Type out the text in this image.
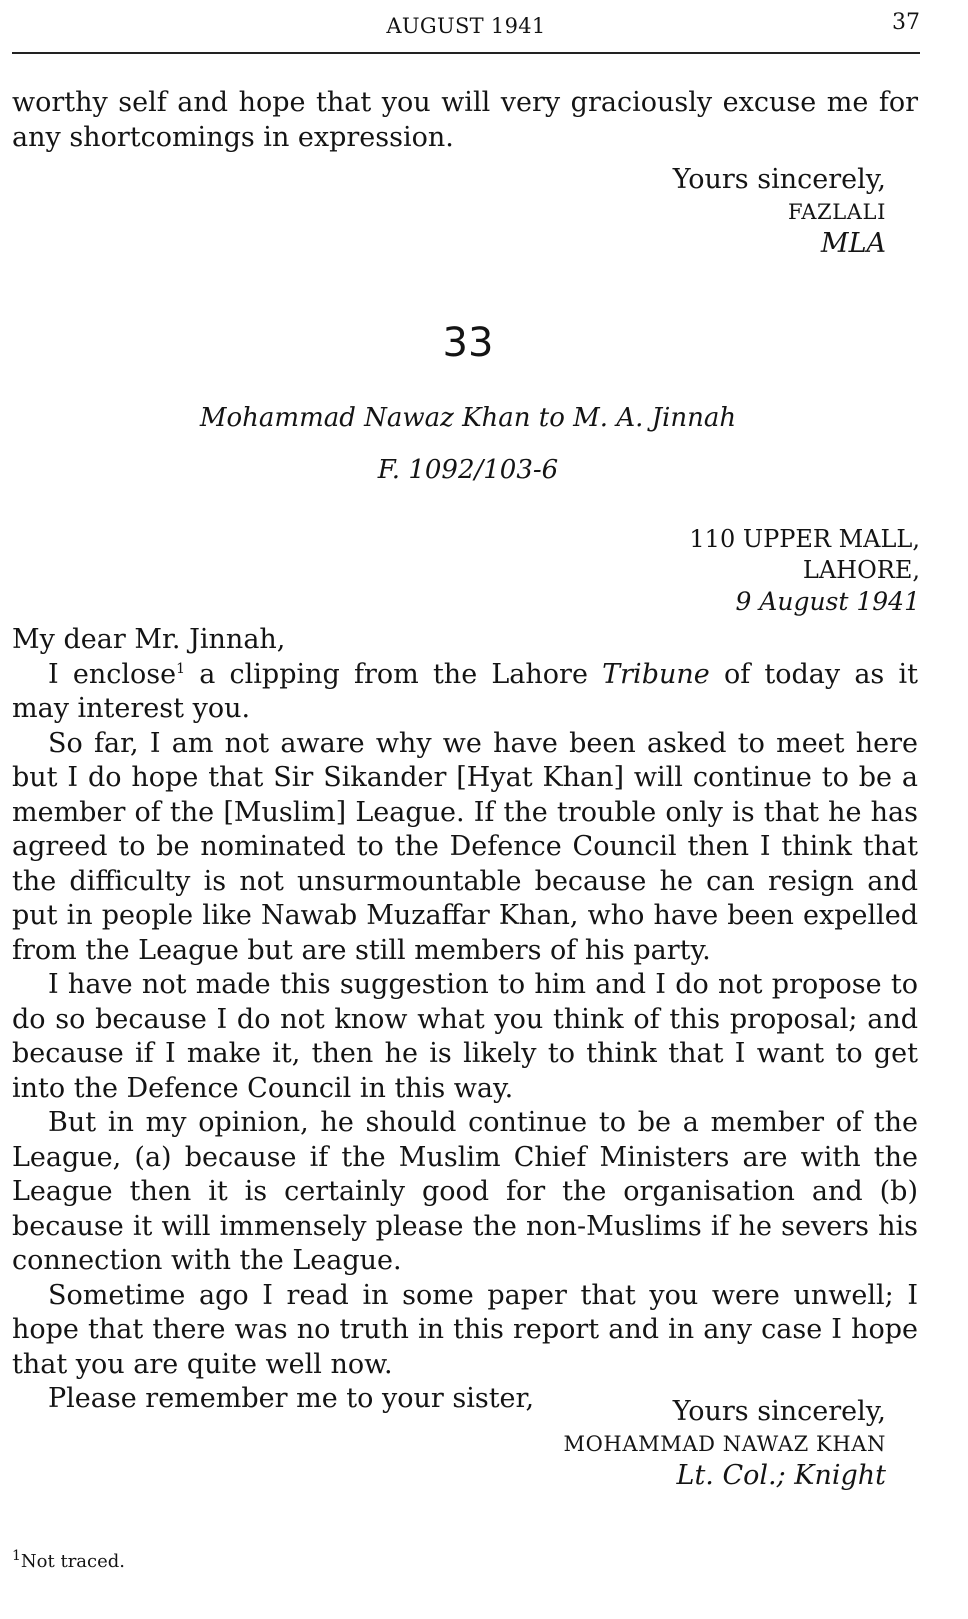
AUGUST 1941	37

worthy self and hope that you will very graciously excuse me for any shortcomings in expression.

Yours sincerely,
FAZLALI
MLA
33
Mohammad Nawaz Khan to M. A. Jinnah
F. 1092/103-6
110 UPPER MALL,
LAHORE,
9 August 1941

My dear Mr. Jinnah,

I enclose$^1$ a clipping from the Lahore Tribune of today as it may interest you.

So far, I am not aware why we have been asked to meet here but I do hope that Sir Sikander [Hyat Khan] will continue to be a member of the [Muslim] League. If the trouble only is that he has agreed to be nominated to the Defence Council then I think that the difficulty is not unsurmountable because he can resign and put in people like Nawab Muzaffar Khan, who have been expelled from the League but are still members of his party.

I have not made this suggestion to him and I do not propose to do so because I do not know what you think of this proposal; and because if I make it, then he is likely to think that I want to get into the Defence Council in this way.

But in my opinion, he should continue to be a member of the League, (a) because if the Muslim Chief Ministers are with the League then it is certainly good for the organisation and (b) because it will immensely please the non-Muslims if he severs his connection with the League.

Sometime ago I read in some paper that you were unwell; I hope that there was no truth in this report and in any case I hope that you are quite well now.

Please remember me to your sister,	Yours sincerely,
MOHAMMAD NAWAZ KHAN
Lt. Col.; Knight
$^1$Not traced.
